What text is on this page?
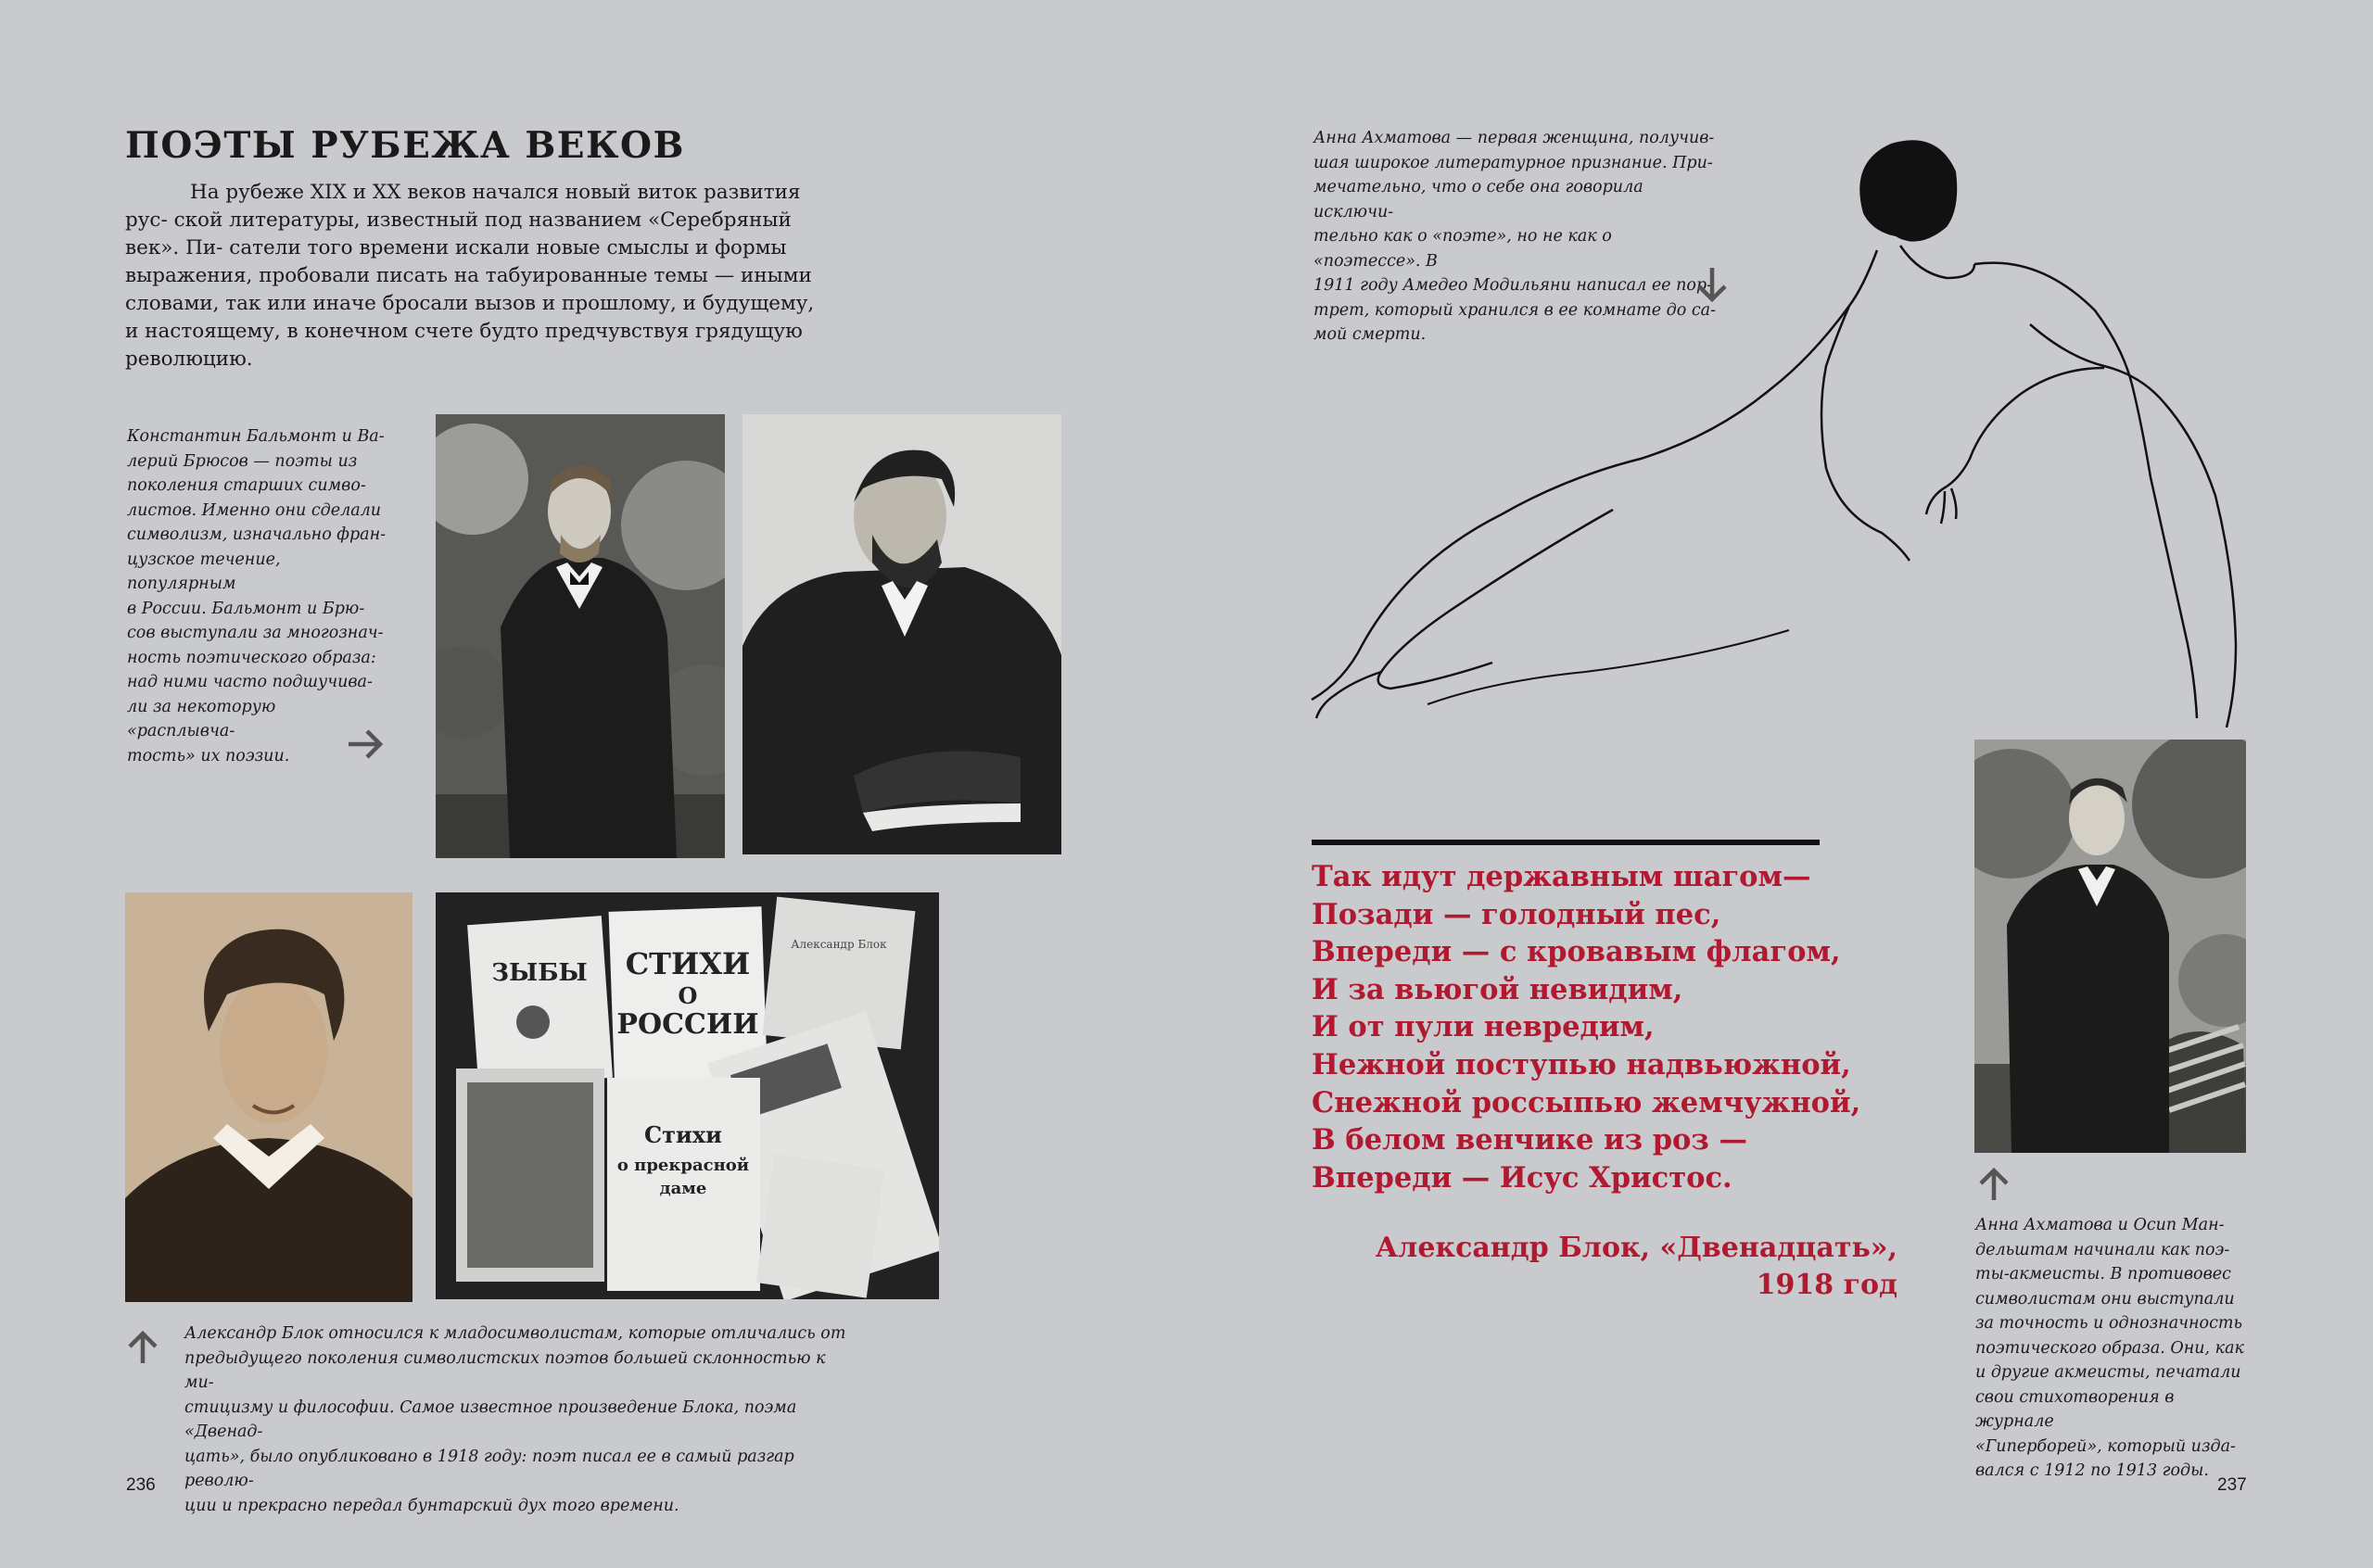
ПОЭТЫ РУБЕЖА ВЕКОВ

На рубеже XIX и XX веков начался новый виток развития рус- ской литературы, известный под названием «Серебряный век». Пи- сатели того времени искали новые смыслы и формы выражения, пробовали писать на табуированные темы — иными словами, так или иначе бросали вызов и прошлому, и будущему, и настоящему, в конечном счете будто предчувствуя грядущую революцию.

Константин Бальмонт и Ва-
лерий Брюсов — поэты из
поколения старших симво-
листов. Именно они сделали
символизм, изначально фран-
цузское течение, популярным
в России. Бальмонт и Брю-
сов выступали за многознач-
ность поэтического образа:
над ними часто подшучива-
ли за некоторую «расплывча-
тость» их поэзии.
ЗЫБЫ СТИХИ
О
РОССИИ
Александр Блок
Стихи
о прекрасной
даме
Александр Блок относился к младосимволистам, которые отличались от
предыдущего поколения символистских поэтов большей склонностью к ми-
стицизму и философии. Самое известное произведение Блока, поэма «Двенад-
цать», было опубликовано в 1918 году: поэт писал ее в самый разгар револю-
ции и прекрасно передал бунтарский дух того времени.
236
Анна Ахматова — первая женщина, получив-
шая широкое литературное признание. При-
мечательно, что о себе она говорила исключи-
тельно как о «поэте», но не как о «поэтессе». В
1911 году Амедео Модильяни написал ее пор-
трет, который хранился в ее комнате до са-
мой смерти.
Так идут державным шагом—
Позади — голодный пес,
Впереди — с кровавым флагом,
И за вьюгой невидим,
И от пули невредим,
Нежной поступью надвьюжной,
Снежной россыпью жемчужной,
В белом венчике из роз —
Впереди — Исус Христос.
Александр Блок, «Двенадцать»,
1918 год
Анна Ахматова и Осип Ман-
дельштам начинали как поэ-
ты-акмеисты. В противовес
символистам они выступали
за точность и однозначность
поэтического образа. Они, как
и другие акмеисты, печатали
свои стихотворения в журнале
«Гиперборей», который изда-
вался с 1912 по 1913 годы.
237
